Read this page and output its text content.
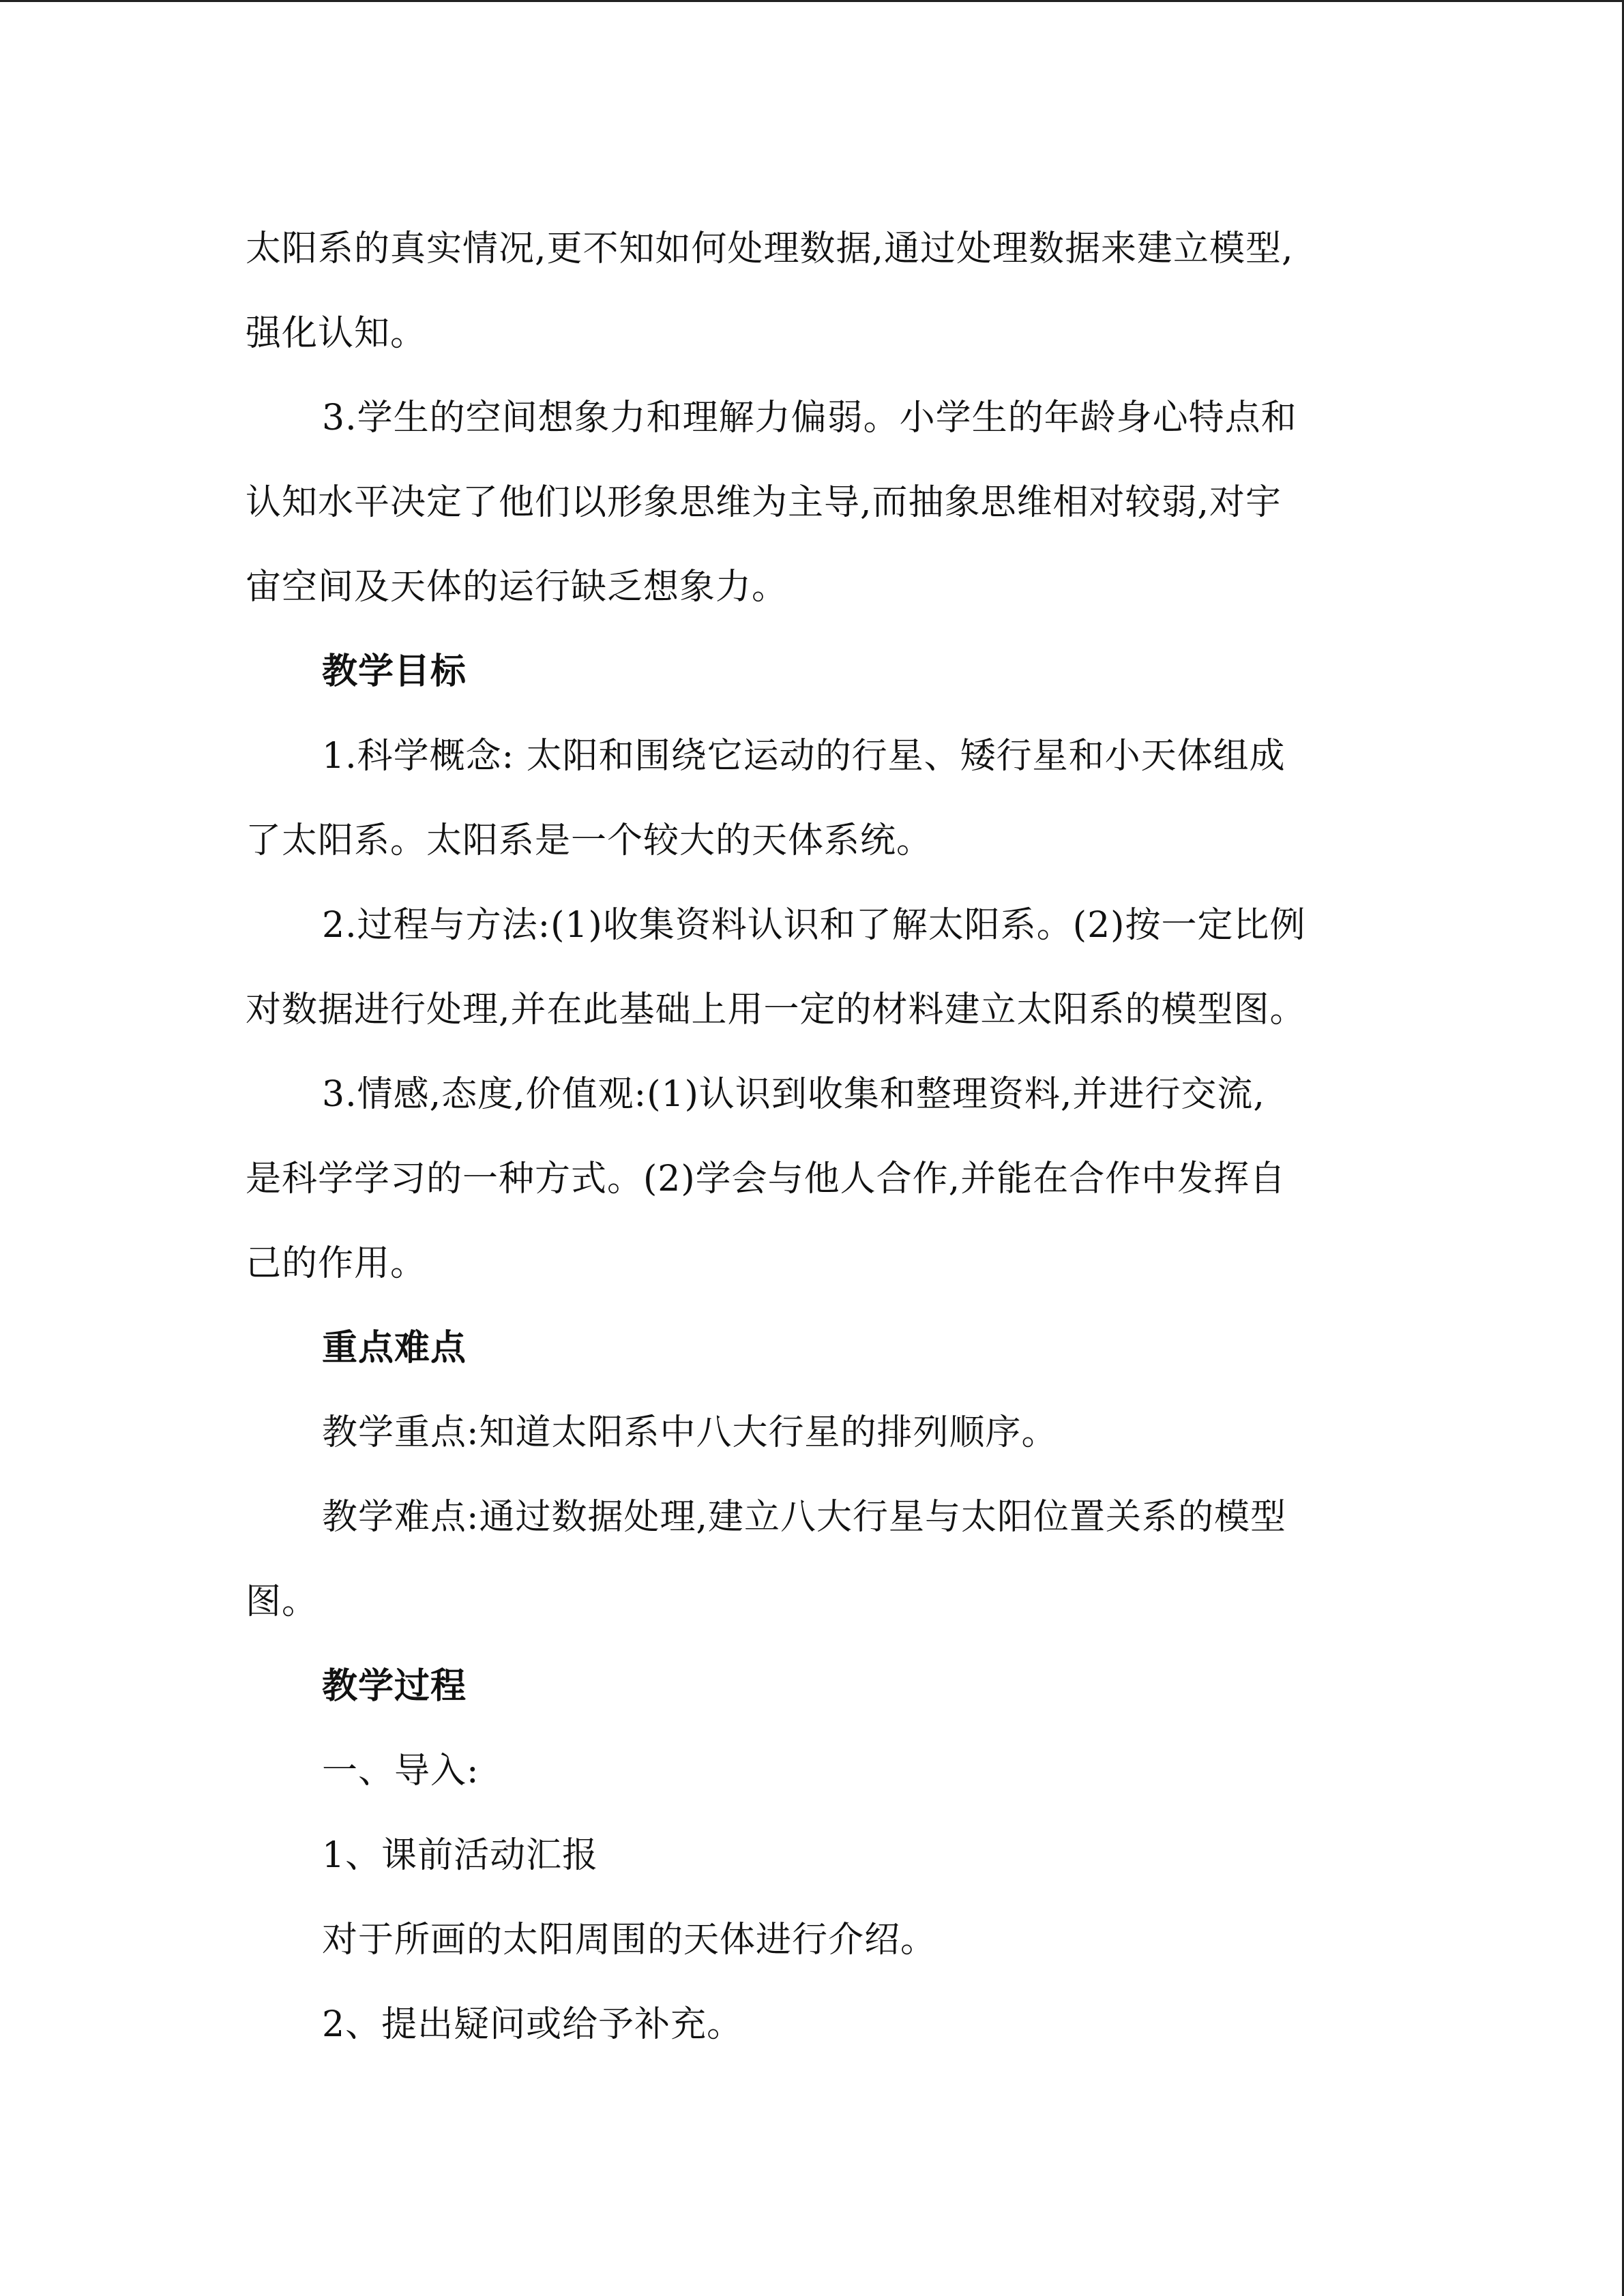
太阳系的真实情况,更不知如何处理数据,通过处理数据来建立模型,
强化认知。
3.学生的空间想象力和理解力偏弱。小学生的年龄身心特点和
认知水平决定了他们以形象思维为主导,而抽象思维相对较弱,对宇
宙空间及天体的运行缺乏想象力。
教学目标
1.科学概念: 太阳和围绕它运动的行星、矮行星和小天体组成
了太阳系。太阳系是一个较大的天体系统。
2.过程与方法:(1)收集资料认识和了解太阳系。(2)按一定比例
对数据进行处理,并在此基础上用一定的材料建立太阳系的模型图。
3.情感,态度,价值观:(1)认识到收集和整理资料,并进行交流,
是科学学习的一种方式。(2)学会与他人合作,并能在合作中发挥自
己的作用。
重点难点
教学重点:知道太阳系中八大行星的排列顺序。
教学难点:通过数据处理,建立八大行星与太阳位置关系的模型
图。
教学过程
一、导入:
1、课前活动汇报
对于所画的太阳周围的天体进行介绍。
2、提出疑问或给予补充。
